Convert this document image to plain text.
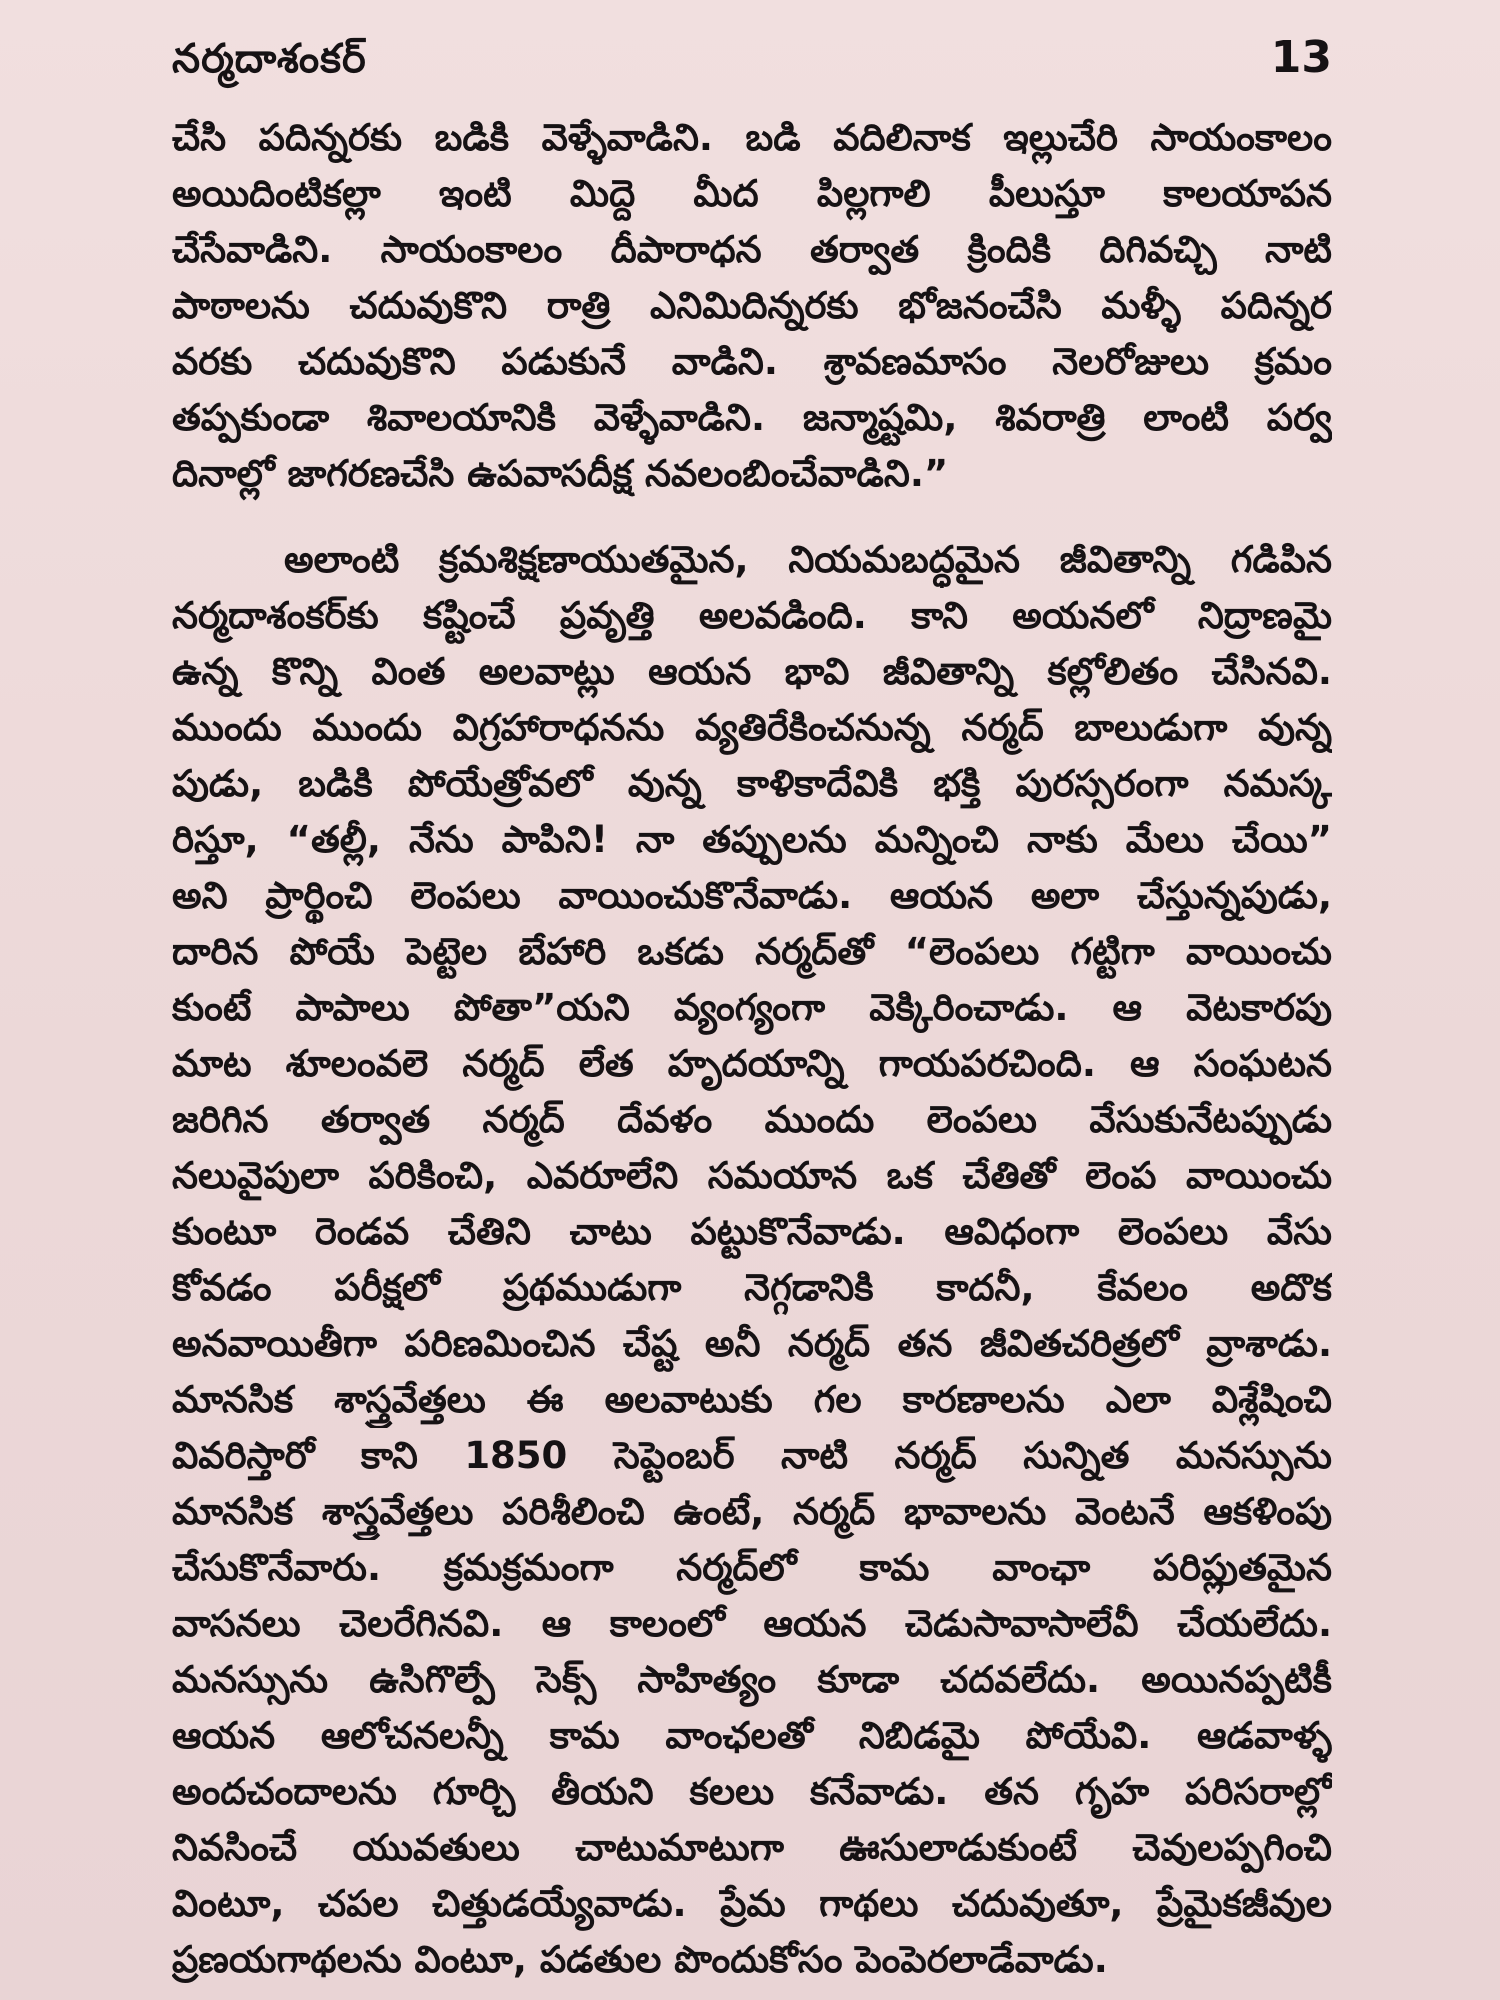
నర్మదాశంకర్	13
చేసి పదిన్నరకు బడికి వెళ్ళేవాడిని. బడి వదిలినాక ఇల్లుచేరి సాయంకాలం
అయిదింటికల్లా ఇంటి మిద్దె మీద పిల్లగాలి పీలుస్తూ కాలయాపన
చేసేవాడిని. సాయంకాలం దీపారాధన తర్వాత క్రిందికి దిగివచ్చి నాటి
పాఠాలను చదువుకొని రాత్రి ఎనిమిదిన్నరకు భోజనంచేసి మళ్ళీ పదిన్నర
వరకు చదువుకొని పడుకునే వాడిని. శ్రావణమాసం నెలరోజులు క్రమం
తప్పకుండా శివాలయానికి వెళ్ళేవాడిని. జన్మాష్టమి, శివరాత్రి లాంటి పర్వ
దినాల్లో జాగరణచేసి ఉపవాసదీక్ష నవలంబించేవాడిని.”
అలాంటి క్రమశిక్షణాయుతమైన, నియమబద్ధమైన జీవితాన్ని గడిపిన
నర్మదాశంకర్‌కు కష్టించే ప్రవృత్తి అలవడింది. కాని అయనలో నిద్రాణమై
ఉన్న కొన్ని వింత అలవాట్లు ఆయన భావి జీవితాన్ని కల్లోలితం చేసినవి.
ముందు ముందు విగ్రహారాధనను వ్యతిరేకించనున్న నర్మద్ బాలుడుగా వున్న
పుడు, బడికి పోయేత్రోవలో వున్న కాళికాదేవికి భక్తి పురస్సరంగా నమస్క
రిస్తూ, “తల్లీ, నేను పాపిని! నా తప్పులను మన్నించి నాకు మేలు చేయి”
అని ప్రార్థించి లెంపలు వాయించుకొనేవాడు. ఆయన అలా చేస్తున్నపుడు,
దారిన పోయే పెట్టెల బేహారి ఒకడు నర్మద్‌తో “లెంపలు గట్టిగా వాయించు
కుంటే పాపాలు పోతా”యని వ్యంగ్యంగా వెక్కిరించాడు. ఆ వెటకారపు
మాట శూలంవలె నర్మద్ లేత హృదయాన్ని గాయపరచింది. ఆ సంఘటన
జరిగిన తర్వాత నర్మద్ దేవళం ముందు లెంపలు వేసుకునేటప్పుడు
నలువైపులా పరికించి, ఎవరూలేని సమయాన ఒక చేతితో లెంప వాయించు
కుంటూ రెండవ చేతిని చాటు పట్టుకొనేవాడు. ఆవిధంగా లెంపలు వేసు
కోవడం పరీక్షలో ప్రథముడుగా నెగ్గడానికి కాదనీ, కేవలం అదొక
అనవాయితీగా పరిణమించిన చేష్ట అనీ నర్మద్ తన జీవితచరిత్రలో వ్రాశాడు.
మానసిక శాస్త్రవేత్తలు ఈ అలవాటుకు గల కారణాలను ఎలా విశ్లేషించి
వివరిస్తారో కాని 1850 సెప్టెంబర్ నాటి నర్మద్ సున్నిత మనస్సును
మానసిక శాస్త్రవేత్తలు పరిశీలించి ఉంటే, నర్మద్ భావాలను వెంటనే ఆకళింపు
చేసుకొనేవారు. క్రమక్రమంగా నర్మద్‌లో కామ వాంఛా పరిప్లుతమైన
వాసనలు చెలరేగినవి. ఆ కాలంలో ఆయన చెడుసావాసాలేవీ చేయలేదు.
మనస్సును ఉసిగొల్పే సెక్స్ సాహిత్యం కూడా చదవలేదు. అయినప్పటికీ
ఆయన ఆలోచనలన్నీ కామ వాంఛలతో నిబిడమై పోయేవి. ఆడవాళ్ళ
అందచందాలను గూర్చి తీయని కలలు కనేవాడు. తన గృహ పరిసరాల్లో
నివసించే యువతులు చాటుమాటుగా ఊసులాడుకుంటే చెవులప్పగించి
వింటూ, చపల చిత్తుడయ్యేవాడు. ప్రేమ గాథలు చదువుతూ, ప్రేమైకజీవుల
ప్రణయగాథలను వింటూ, పడతుల పొందుకోసం పెంపెరలాడేవాడు.
